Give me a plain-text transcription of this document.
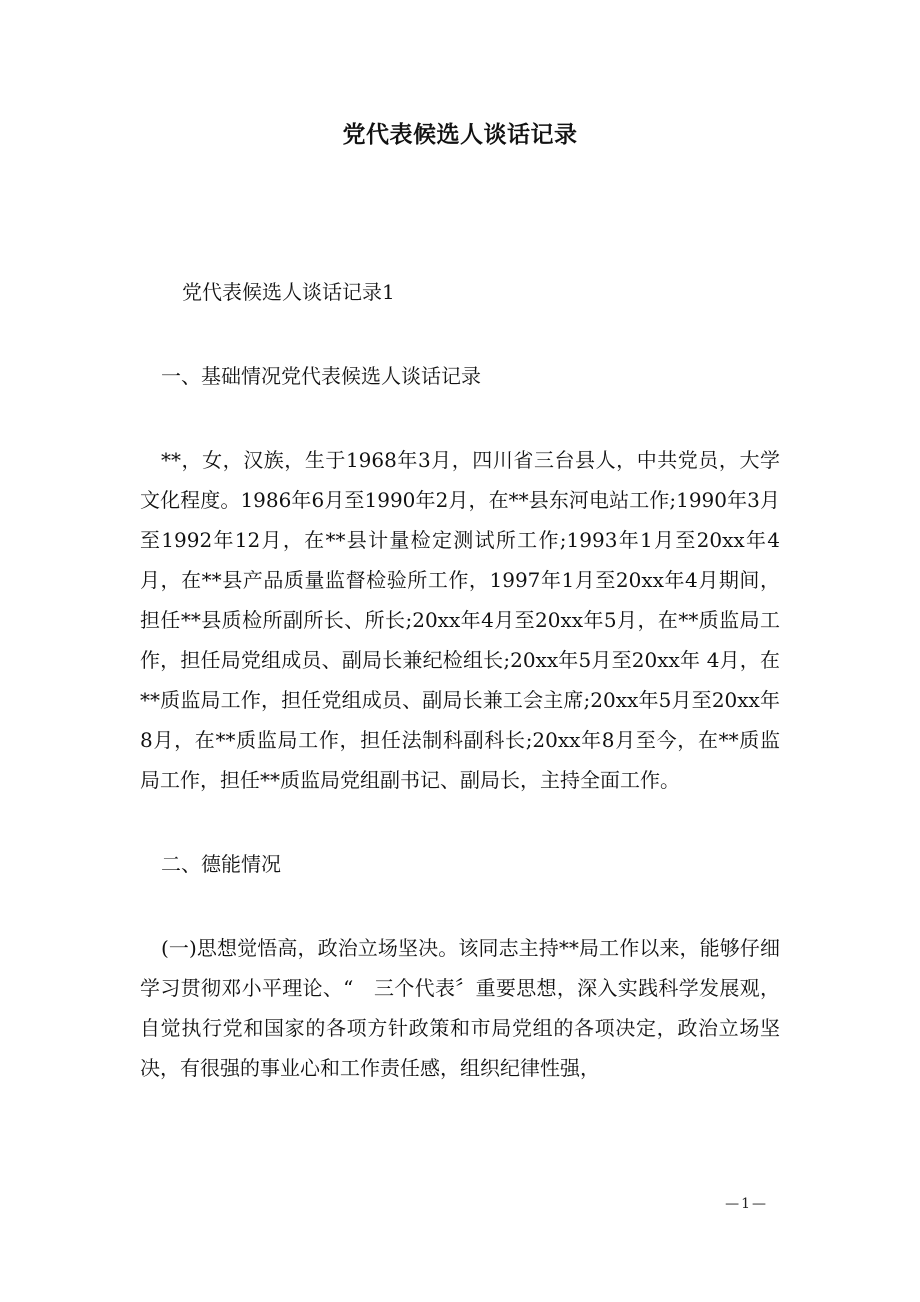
党代表候选人谈话记录

党代表候选人谈话记录1

一、基础情况党代表候选人谈话记录

**，女，汉族，生于1968年3月，四川省三台县人，中共党员，大学文化程度。1986年6月至1990年2月，在**县东河电站工作;1990年3月至1992年12月，在**县计量检定测试所工作;1993年1月至20xx年4月，在**县产品质量监督检验所工作，1997年1月至20xx年4月期间，担任**县质检所副所长、所长;20xx年4月至20xx年5月，在**质监局工作，担任局党组成员、副局长兼纪检组长;20xx年5月至20xx年 4月，在**质监局工作，担任党组成员、副局长兼工会主席;20xx年5月至20xx年8月，在**质监局工作，担任法制科副科长;20xx年8月至今，在**质监局工作，担任**质监局党组副书记、副局长，主持全面工作。

二、德能情况

(一)思想觉悟高，政治立场坚决。该同志主持**局工作以来，能够仔细学习贯彻邓小平理论、“　三个代表〞重要思想，深入实践科学发展观，自觉执行党和国家的各项方针政策和市局党组的各项决定，政治立场坚决，有很强的事业心和工作责任感，组织纪律性强，

—1—
